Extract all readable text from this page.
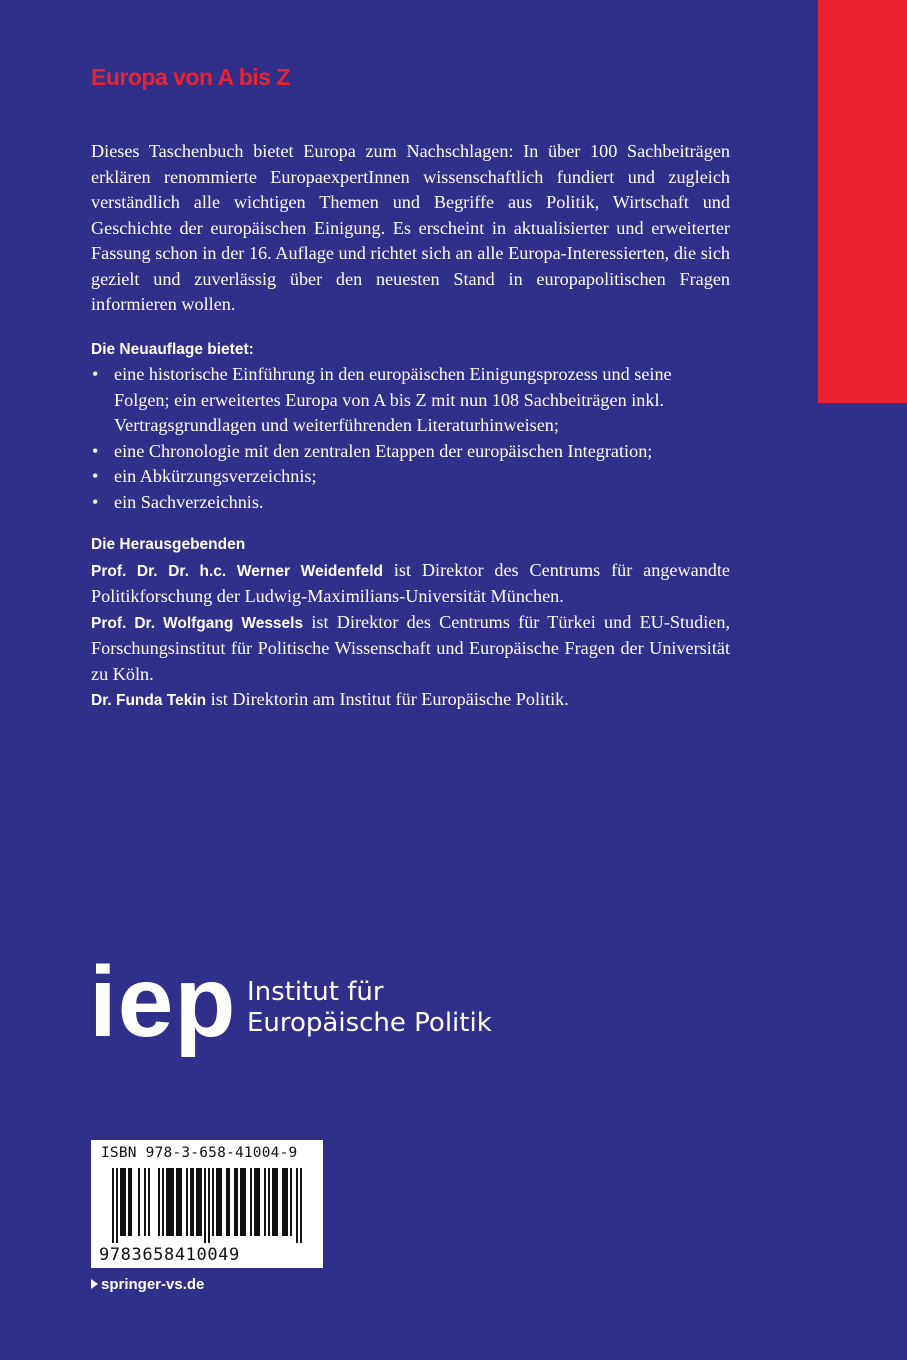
Europa von A bis Z

Dieses Taschenbuch bietet Europa zum Nachschlagen: In über 100 Sachbeiträgen erklären renommierte EuropaexpertInnen wissenschaftlich fundiert und zugleich verständlich alle wichtigen Themen und Begriffe aus Politik, Wirtschaft und Geschichte der europäischen Einigung. Es erscheint in aktualisierter und erweiterter Fassung schon in der 16. Auflage und richtet sich an alle Europa-Interessierten, die sich gezielt und zuverlässig über den neuesten Stand in europapolitischen Fragen informieren wollen.

Die Neuauflage bietet:
• eine historische Einführung in den europäischen Einigungsprozess und seine Folgen; ein erweitertes Europa von A bis Z mit nun 108 Sachbeiträgen inkl. Vertragsgrundlagen und weiterführenden Literaturhinweisen;
• eine Chronologie mit den zentralen Etappen der europäischen Integration;
• ein Abkürzungsverzeichnis;
• ein Sachverzeichnis.
Die Herausgebenden

Prof. Dr. Dr. h.c. Werner Weidenfeld ist Direktor des Centrums für angewandte Politikforschung der Ludwig-Maximilians-Universität München.

Prof. Dr. Wolfgang Wessels ist Direktor des Centrums für Türkei und EU-Studien, Forschungsinstitut für Politische Wissenschaft und Europäische Fragen der Universität zu Köln.

Dr. Funda Tekin ist Direktorin am Institut für Europäische Politik.

iep Institut für
Europäische Politik

ISBN 978-3-658-41004-9

9783658410049

springer-vs.de
